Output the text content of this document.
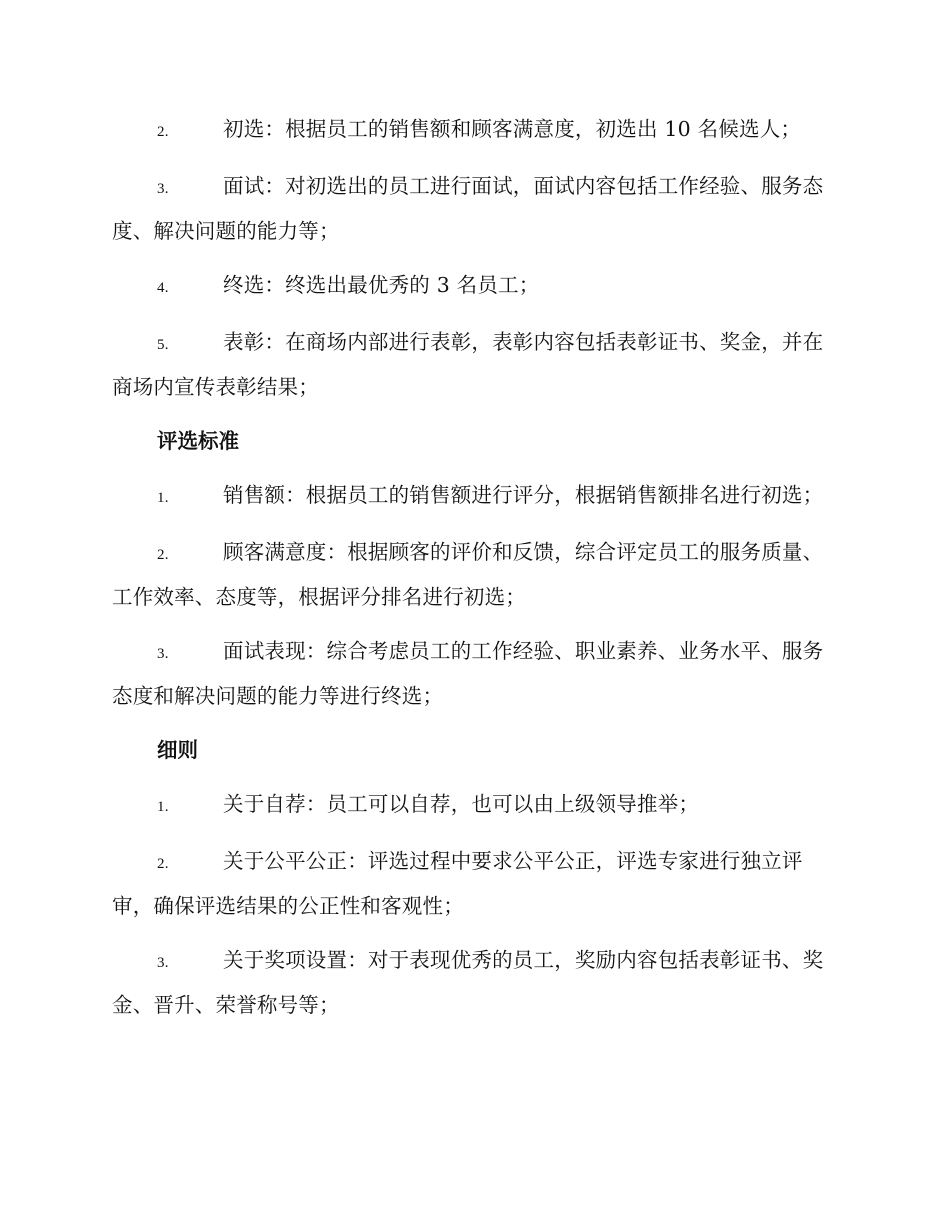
2.	初选：根据员工的销售额和顾客满意度，初选出 10 名候选人；

3.	面试：对初选出的员工进行面试，面试内容包括工作经验、服务态度、解决问题的能力等；

4.	终选：终选出最优秀的 3 名员工；

5.	表彰：在商场内部进行表彰，表彰内容包括表彰证书、奖金，并在商场内宣传表彰结果；

评选标准

1.	销售额：根据员工的销售额进行评分，根据销售额排名进行初选；

2.	顾客满意度：根据顾客的评价和反馈，综合评定员工的服务质量、工作效率、态度等，根据评分排名进行初选；

3.	面试表现：综合考虑员工的工作经验、职业素养、业务水平、服务态度和解决问题的能力等进行终选；

细则

1.	关于自荐：员工可以自荐，也可以由上级领导推举；

2.	关于公平公正：评选过程中要求公平公正，评选专家进行独立评审，确保评选结果的公正性和客观性；

3.	关于奖项设置：对于表现优秀的员工，奖励内容包括表彰证书、奖金、晋升、荣誉称号等；
